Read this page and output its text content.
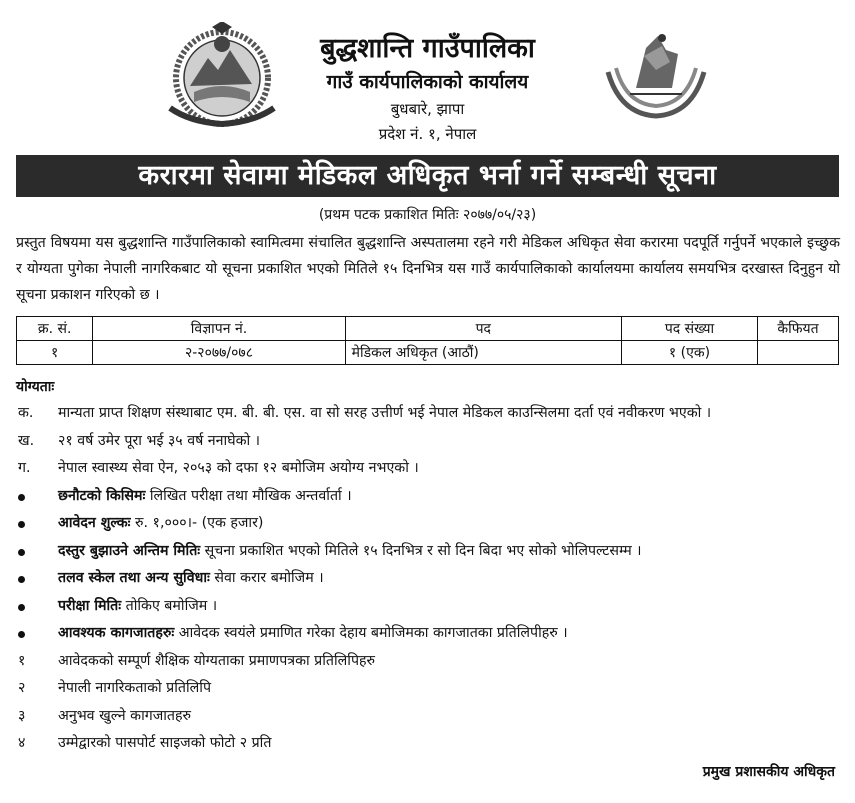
बुद्धशान्ति गाउँपालिका
गाउँ कार्यपालिकाको कार्यालय
बुधबारे, झापा
प्रदेश नं. १, नेपाल
करारमा सेवामा मेडिकल अधिकृत भर्ना गर्ने सम्बन्धी सूचना
(प्रथम पटक प्रकाशित मितिः २०७७/०५/२३)
प्रस्तुत विषयमा यस बुद्धशान्ति गाउँपालिकाको स्वामित्वमा संचालित बुद्धशान्ति अस्पतालमा रहने गरी मेडिकल अधिकृत सेवा करारमा पदपूर्ति गर्नुपर्ने भएकाले इच्छुक र योग्यता पुगेका नेपाली नागरिकबाट यो सूचना प्रकाशित भएको मितिले १५ दिनभित्र यस गाउँ कार्यपालिकाको कार्यालयमा कार्यालय समयभित्र दरखास्त दिनुहुन यो सूचना प्रकाशन गरिएको छ ।
क्र. सं.	विज्ञापन नं.	पद	पद संख्या	कैफियत
१	२-२०७७/०७८	मेडिकल अधिकृत (आठौं)	१ (एक)	
योग्यताः
क.	मान्यता प्राप्त शिक्षण संस्थाबाट एम. बी. बी. एस. वा सो सरह उत्तीर्ण भई नेपाल मेडिकल काउन्सिलमा दर्ता एवं नवीकरण भएको ।
ख.	२१ वर्ष उमेर पूरा भई ३५ वर्ष ननाघेको ।
ग.	नेपाल स्वास्थ्य सेवा ऐन, २०५३ को दफा १२ बमोजिम अयोग्य नभएको ।
छनौटको किसिमः लिखित परीक्षा तथा मौखिक अन्तर्वार्ता ।
आवेदन शुल्कः रु. १,०००।- (एक हजार)
दस्तुर बुझाउने अन्तिम मितिः सूचना प्रकाशित भएको मितिले १५ दिनभित्र र सो दिन बिदा भए सोको भोलिपल्टसम्म ।
तलव स्केल तथा अन्य सुविधाः सेवा करार बमोजिम ।
परीक्षा मितिः तोकिए बमोजिम ।
आवश्यक कागजातहरुः आवेदक स्वयंले प्रमाणित गरेका देहाय बमोजिमका कागजातका प्रतिलिपीहरु ।
१	आवेदकको सम्पूर्ण शैक्षिक योग्यताका प्रमाणपत्रका प्रतिलिपिहरु
२	नेपाली नागरिकताको प्रतिलिपि
३	अनुभव खुल्ने कागजातहरु
४	उम्मेद्वारको पासपोर्ट साइजको फोटो २ प्रति
प्रमुख प्रशासकीय अधिकृत
